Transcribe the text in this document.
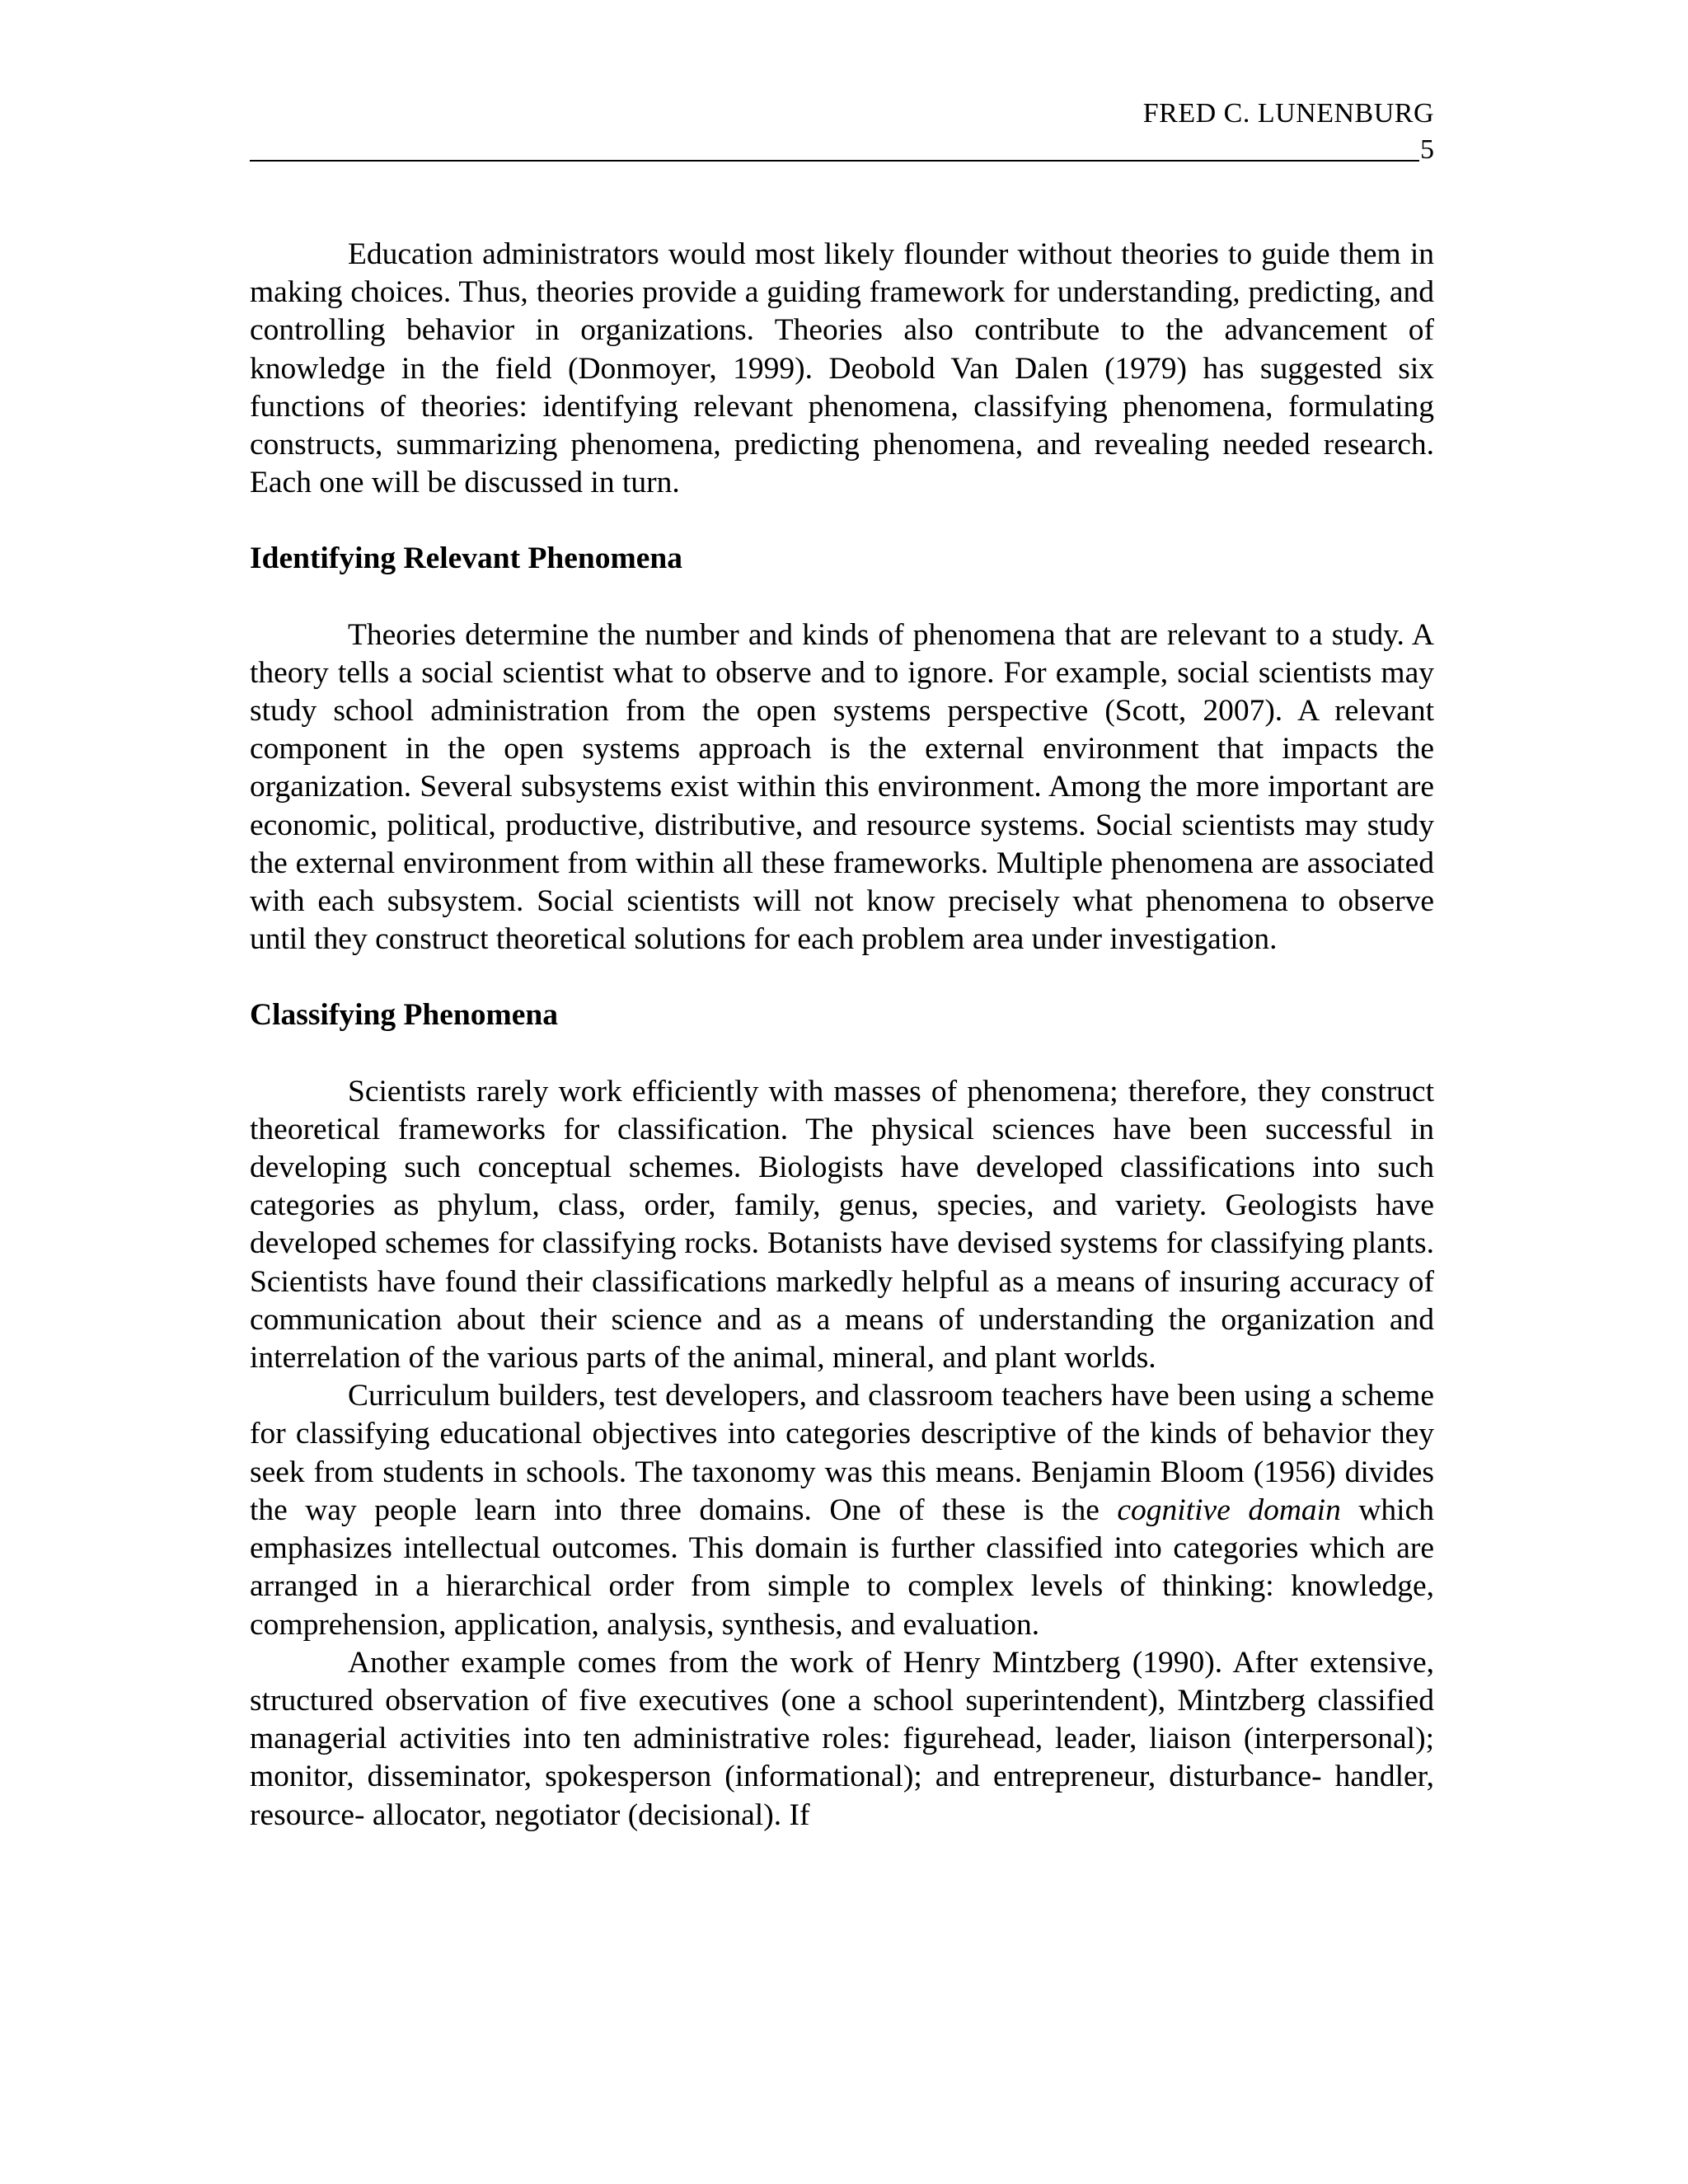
FRED C. LUNENBURG
5

Education administrators would most likely flounder without theories to guide them in making choices. Thus, theories provide a guiding framework for understanding, predicting, and controlling behavior in organizations. Theories also contribute to the advancement of knowledge in the field (Donmoyer, 1999). Deobold Van Dalen (1979) has suggested six functions of theories: identifying relevant phenomena, classifying phenomena, formulating constructs, summarizing phenomena, predicting phenomena, and revealing needed research. Each one will be discussed in turn.

Identifying Relevant Phenomena

Theories determine the number and kinds of phenomena that are relevant to a study. A theory tells a social scientist what to observe and to ignore. For example, social scientists may study school administration from the open systems perspective (Scott, 2007). A relevant component in the open systems approach is the external environment that impacts the organization. Several subsystems exist within this environment. Among the more important are economic, political, productive, distributive, and resource systems. Social scientists may study the external environment from within all these frameworks. Multiple phenomena are associated with each subsystem. Social scientists will not know precisely what phenomena to observe until they construct theoretical solutions for each problem area under investigation.

Classifying Phenomena

Scientists rarely work efficiently with masses of phenomena; therefore, they construct theoretical frameworks for classification. The physical sciences have been successful in developing such conceptual schemes. Biologists have developed classifications into such categories as phylum, class, order, family, genus, species, and variety. Geologists have developed schemes for classifying rocks. Botanists have devised systems for classifying plants. Scientists have found their classifications markedly helpful as a means of insuring accuracy of communication about their science and as a means of understanding the organization and interrelation of the various parts of the animal, mineral, and plant worlds.

Curriculum builders, test developers, and classroom teachers have been using a scheme for classifying educational objectives into categories descriptive of the kinds of behavior they seek from students in schools. The taxonomy was this means. Benjamin Bloom (1956) divides the way people learn into three domains. One of these is the cognitive domain which emphasizes intellectual outcomes. This domain is further classified into categories which are arranged in a hierarchical order from simple to complex levels of thinking: knowledge, comprehension, application, analysis, synthesis, and evaluation.

Another example comes from the work of Henry Mintzberg (1990). After extensive, structured observation of five executives (one a school superintendent), Mintzberg classified managerial activities into ten administrative roles: figurehead, leader, liaison (interpersonal); monitor, disseminator, spokesperson (informational); and entrepreneur, disturbance- handler, resource- allocator, negotiator (decisional). If
